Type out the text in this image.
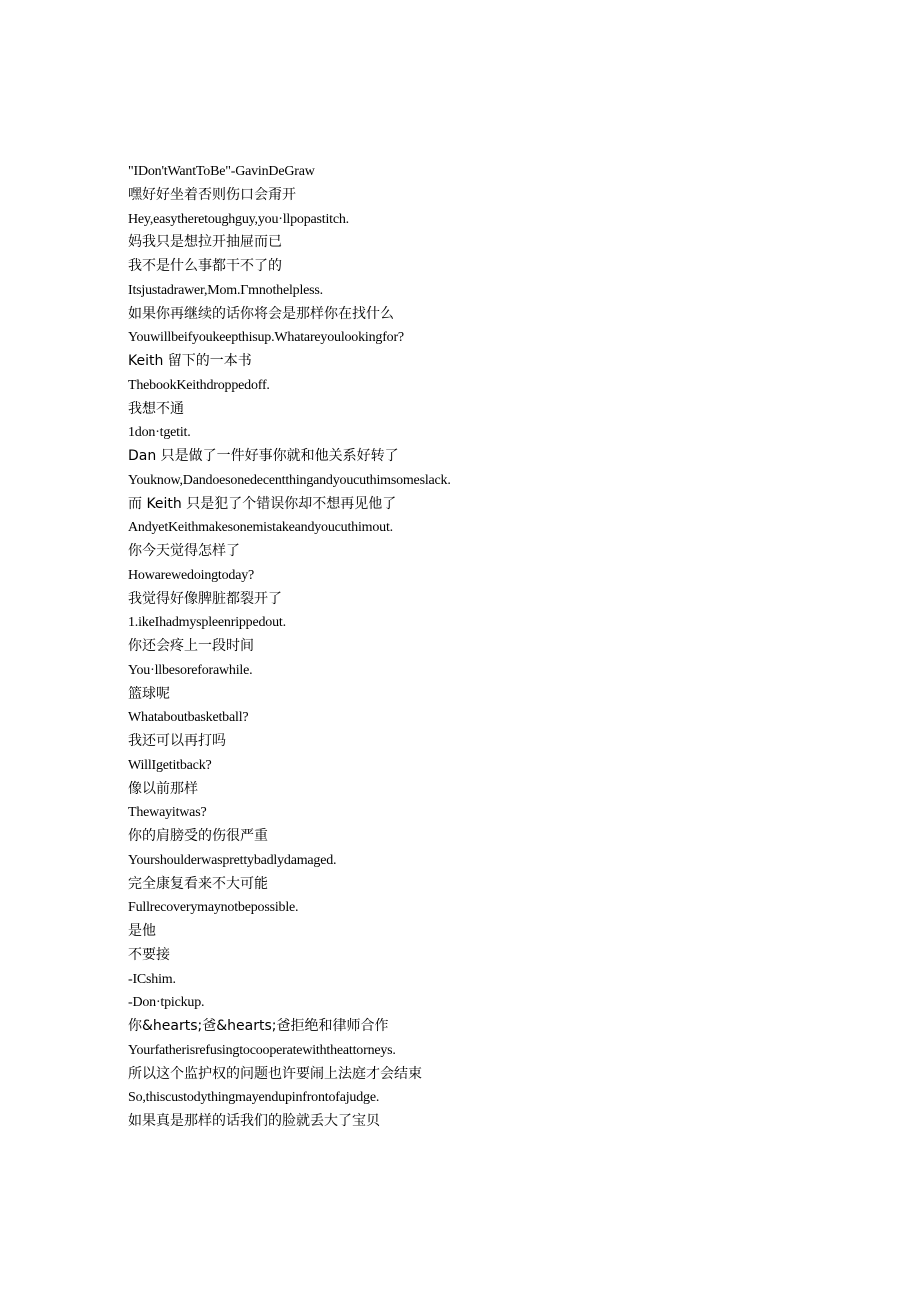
"IDon'tWantToBe"-GavinDeGraw
嘿好好坐着否则伤口会甭开
Hey,easytheretoughguy,you·llpopastitch.
妈我只是想拉开抽屉而已
我不是什么事都干不了的
Itsjustadrawer,Mom.Γmnothelpless.
如果你再继续的话你将会是那样你在找什么
Youwillbeifyoukeepthisup.Whatareyoulookingfor?
Keith 留下的一本书
ThebookKeithdroppedoff.
我想不通
1don·tgetit.
Dan 只是做了一件好事你就和他关系好转了
Youknow,Dandoesonedecentthingandyoucuthimsomeslack.
而 Keith 只是犯了个错误你却不想再见他了
AndyetKeithmakesonemistakeandyoucuthimout.
你今天觉得怎样了
Howarewedoingtoday?
我觉得好像脾脏都裂开了
1.ikeIhadmyspleenrippedout.
你还会疼上一段时间
You·llbesoreforawhile.
篮球呢
Whataboutbasketball?
我还可以再打吗
WillIgetitback?
像以前那样
Thewayitwas?
你的肩膀受的伤很严重
Yourshoulderwasprettybadlydamaged.
完全康复看来不大可能
Fullrecoverymaynotbepossible.
是他
不要接
-ICshim.
-Don·tpickup.
你&hearts;爸&hearts;爸拒绝和律师合作
Yourfatherisrefusingtocooperatewiththeattorneys.
所以这个监护权的问题也许要闹上法庭才会结束
So,thiscustodythingmayendupinfrontofajudge.
如果真是那样的话我们的脸就丢大了宝贝
